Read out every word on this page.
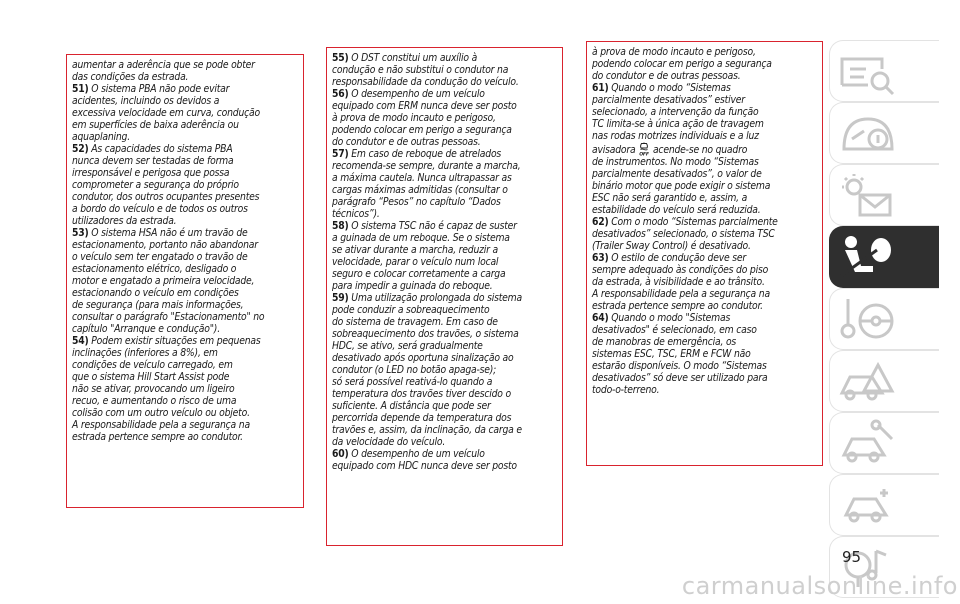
aumentar a aderência que se pode obter
das condições da estrada.

51) O sistema PBA não pode evitar
acidentes, incluindo os devidos a
excessiva velocidade em curva, condução
em superfícies de baixa aderência ou
aquaplaning.

52) As capacidades do sistema PBA
nunca devem ser testadas de forma
irresponsável e perigosa que possa
comprometer a segurança do próprio
condutor, dos outros ocupantes presentes
a bordo do veículo e de todos os outros
utilizadores da estrada.

53) O sistema HSA não é um travão de
estacionamento, portanto não abandonar
o veículo sem ter engatado o travão de
estacionamento elétrico, desligado o
motor e engatado a primeira velocidade,
estacionando o veículo em condições
de segurança (para mais informações,
consultar o parágrafo "Estacionamento" no
capítulo "Arranque e condução").

54) Podem existir situações em pequenas
inclinações (inferiores a 8%), em
condições de veículo carregado, em
que o sistema Hill Start Assist pode
não se ativar, provocando um ligeiro
recuo, e aumentando o risco de uma
colisão com um outro veículo ou objeto.
A responsabilidade pela a segurança na
estrada pertence sempre ao condutor.

55) O DST constitui um auxílio à
condução e não substitui o condutor na
responsabilidade da condução do veículo.

56) O desempenho de um veículo
equipado com ERM nunca deve ser posto
à prova de modo incauto e perigoso,
podendo colocar em perigo a segurança
do condutor e de outras pessoas.

57) Em caso de reboque de atrelados
recomenda-se sempre, durante a marcha,
a máxima cautela. Nunca ultrapassar as
cargas máximas admitidas (consultar o
parágrafo “Pesos” no capítulo “Dados
técnicos”).

58) O sistema TSC não é capaz de suster
a guinada de um reboque. Se o sistema
se ativar durante a marcha, reduzir a
velocidade, parar o veículo num local
seguro e colocar corretamente a carga
para impedir a guinada do reboque.

59) Uma utilização prolongada do sistema
pode conduzir a sobreaquecimento
do sistema de travagem. Em caso de
sobreaquecimento dos travões, o sistema
HDC, se ativo, será gradualmente
desativado após oportuna sinalização ao
condutor (o LED no botão apaga-se);
só será possível reativá-lo quando a
temperatura dos travões tiver descido o
suficiente. A distância que pode ser
percorrida depende da temperatura dos
travões e, assim, da inclinação, da carga e
da velocidade do veículo.

60) O desempenho de um veículo
equipado com HDC nunca deve ser posto

à prova de modo incauto e perigoso,
podendo colocar em perigo a segurança
do condutor e de outras pessoas.

61) Quando o modo “Sistemas
parcialmente desativados” estiver
selecionado, a intervenção da função
TC limita-se à única ação de travagem
nas rodas motrizes individuais e a luz
avisadora OFF acende-se no quadro
de instrumentos. No modo “Sistemas
parcialmente desativados”, o valor de
binário motor que pode exigir o sistema
ESC não será garantido e, assim, a
estabilidade do veículo será reduzida.

62) Com o modo “Sistemas parcialmente
desativados” selecionado, o sistema TSC
(Trailer Sway Control) é desativado.

63) O estilo de condução deve ser
sempre adequado às condições do piso
da estrada, à visibilidade e ao trânsito.
A responsabilidade pela a segurança na
estrada pertence sempre ao condutor.

64) Quando o modo "Sistemas
desativados" é selecionado, em caso
de manobras de emergência, os
sistemas ESC, TSC, ERM e FCW não
estarão disponíveis. O modo “Sistemas
desativados” só deve ser utilizado para
todo-o-terreno.

95
carmanualsonline.info
